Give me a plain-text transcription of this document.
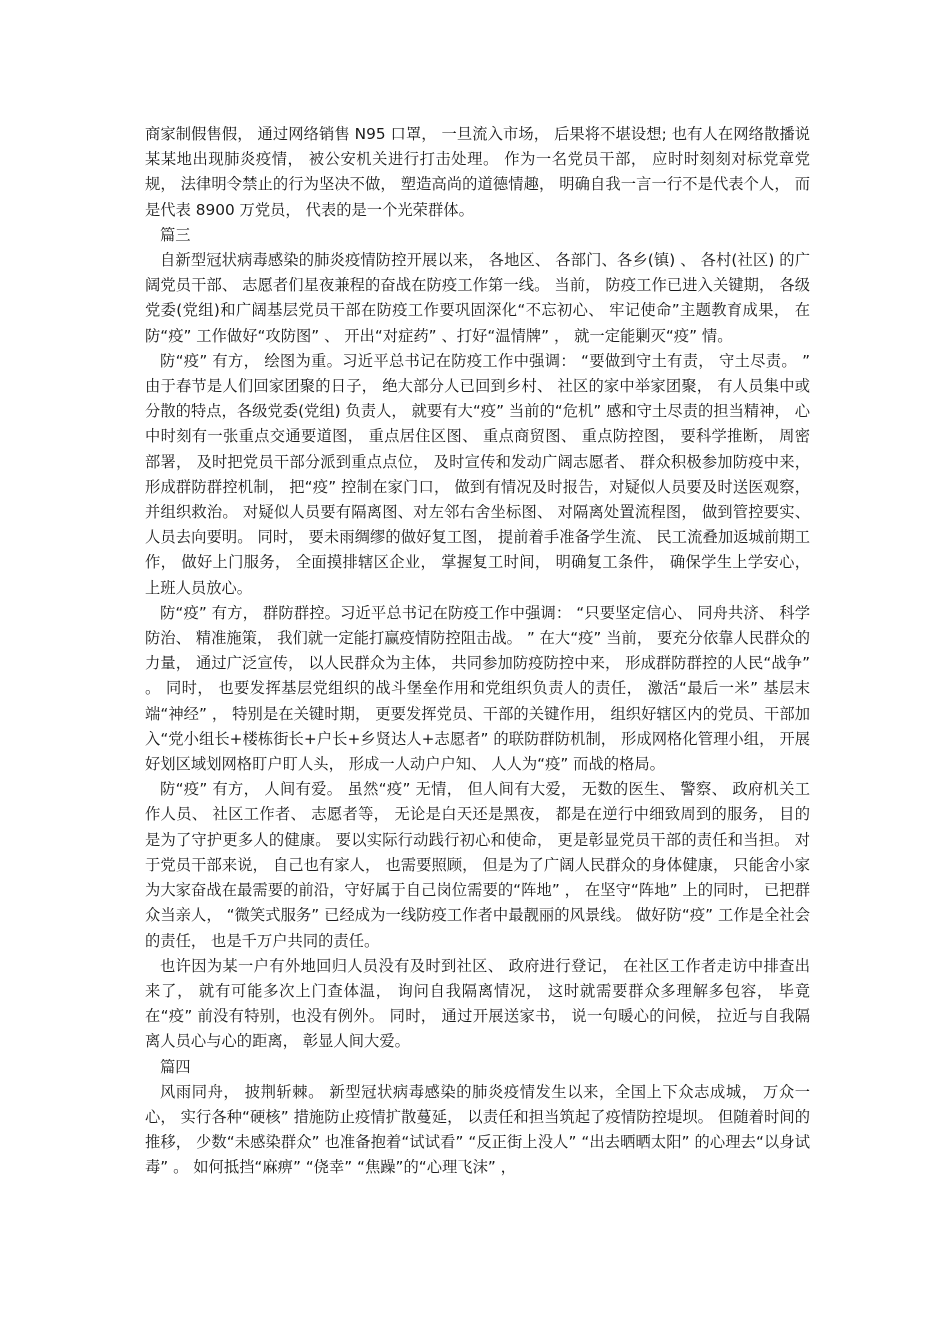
商家制假售假， 通过网络销售 N95 口罩， 一旦流入市场， 后果将不堪设想; 也有人在网络散播说某某地出现肺炎疫情， 被公安机关进行打击处理。 作为一名党员干部， 应时时刻刻对标党章党规， 法律明令禁止的行为坚决不做， 塑造高尚的道德情趣， 明确自我一言一行不是代表个人， 而是代表 8900 万党员， 代表的是一个光荣群体。

篇三

自新型冠状病毒感染的肺炎疫情防控开展以来， 各地区、 各部门、各乡(镇) 、 各村(社区) 的广阔党员干部、 志愿者们星夜兼程的奋战在防疫工作第一线。 当前， 防疫工作已进入关键期， 各级党委(党组)和广阔基层党员干部在防疫工作要巩固深化“不忘初心、 牢记使命”主题教育成果， 在防“疫” 工作做好“攻防图” 、 开出“对症药” 、打好“温情牌” ， 就一定能剿灭“疫” 情。

防“疫” 有方， 绘图为重。习近平总书记在防疫工作中强调： “要做到守土有责， 守土尽责。 ” 由于春节是人们回家团聚的日子， 绝大部分人已回到乡村、 社区的家中举家团聚， 有人员集中或分散的特点，各级党委(党组) 负责人， 就要有大“疫” 当前的“危机” 感和守土尽责的担当精神， 心中时刻有一张重点交通要道图， 重点居住区图、 重点商贸图、 重点防控图， 要科学推断， 周密部署， 及时把党员干部分派到重点点位， 及时宣传和发动广阔志愿者、 群众积极参加防疫中来，形成群防群控机制， 把“疫” 控制在家门口， 做到有情况及时报告，对疑似人员要及时送医观察， 并组织救治。 对疑似人员要有隔离图、对左邻右舍坐标图、 对隔离处置流程图， 做到管控要实、 人员去向要明。 同时， 要未雨绸缪的做好复工图， 提前着手准备学生流、 民工流叠加返城前期工作， 做好上门服务， 全面摸排辖区企业， 掌握复工时间， 明确复工条件， 确保学生上学安心， 上班人员放心。

防“疫” 有方， 群防群控。习近平总书记在防疫工作中强调： “只要坚定信心、 同舟共济、 科学防治、 精准施策， 我们就一定能打赢疫情防控阻击战。 ” 在大“疫” 当前， 要充分依靠人民群众的力量， 通过广泛宣传， 以人民群众为主体， 共同参加防疫防控中来， 形成群防群控的人民“战争” 。 同时， 也要发挥基层党组织的战斗堡垒作用和党组织负责人的责任， 激活“最后一米” 基层末端“神经” ， 特别是在关键时期， 更要发挥党员、干部的关键作用， 组织好辖区内的党员、干部加入“党小组长+楼栋街长+户长+乡贤达人+志愿者” 的联防群防机制， 形成网格化管理小组， 开展好划区域划网格盯户盯人头， 形成一人动户户知、 人人为“疫” 而战的格局。

防“疫” 有方， 人间有爱。 虽然“疫” 无情， 但人间有大爱， 无数的医生、 警察、 政府机关工作人员、 社区工作者、 志愿者等， 无论是白天还是黑夜， 都是在逆行中细致周到的服务， 目的是为了守护更多人的健康。 要以实际行动践行初心和使命， 更是彰显党员干部的责任和当担。 对于党员干部来说， 自己也有家人， 也需要照顾， 但是为了广阔人民群众的身体健康， 只能舍小家为大家奋战在最需要的前沿，守好属于自己岗位需要的“阵地” ， 在坚守“阵地” 上的同时， 已把群众当亲人， “微笑式服务” 已经成为一线防疫工作者中最靓丽的风景线。 做好防“疫” 工作是全社会的责任， 也是千万户共同的责任。

也许因为某一户有外地回归人员没有及时到社区、 政府进行登记， 在社区工作者走访中排查出来了， 就有可能多次上门查体温， 询问自我隔离情况， 这时就需要群众多理解多包容， 毕竟在“疫” 前没有特别，也没有例外。 同时， 通过开展送家书， 说一句暖心的问候， 拉近与自我隔离人员心与心的距离， 彰显人间大爱。

篇四

风雨同舟， 披荆斩棘。 新型冠状病毒感染的肺炎疫情发生以来，全国上下众志成城， 万众一心， 实行各种“硬核” 措施防止疫情扩散蔓延， 以责任和担当筑起了疫情防控堤坝。 但随着时间的推移， 少数“未感染群众” 也准备抱着“试试看” “反正街上没人” “出去晒晒太阳” 的心理去“以身试毒” 。 如何抵挡“麻痹” “侥幸” “焦躁”的“心理飞沫” ，
